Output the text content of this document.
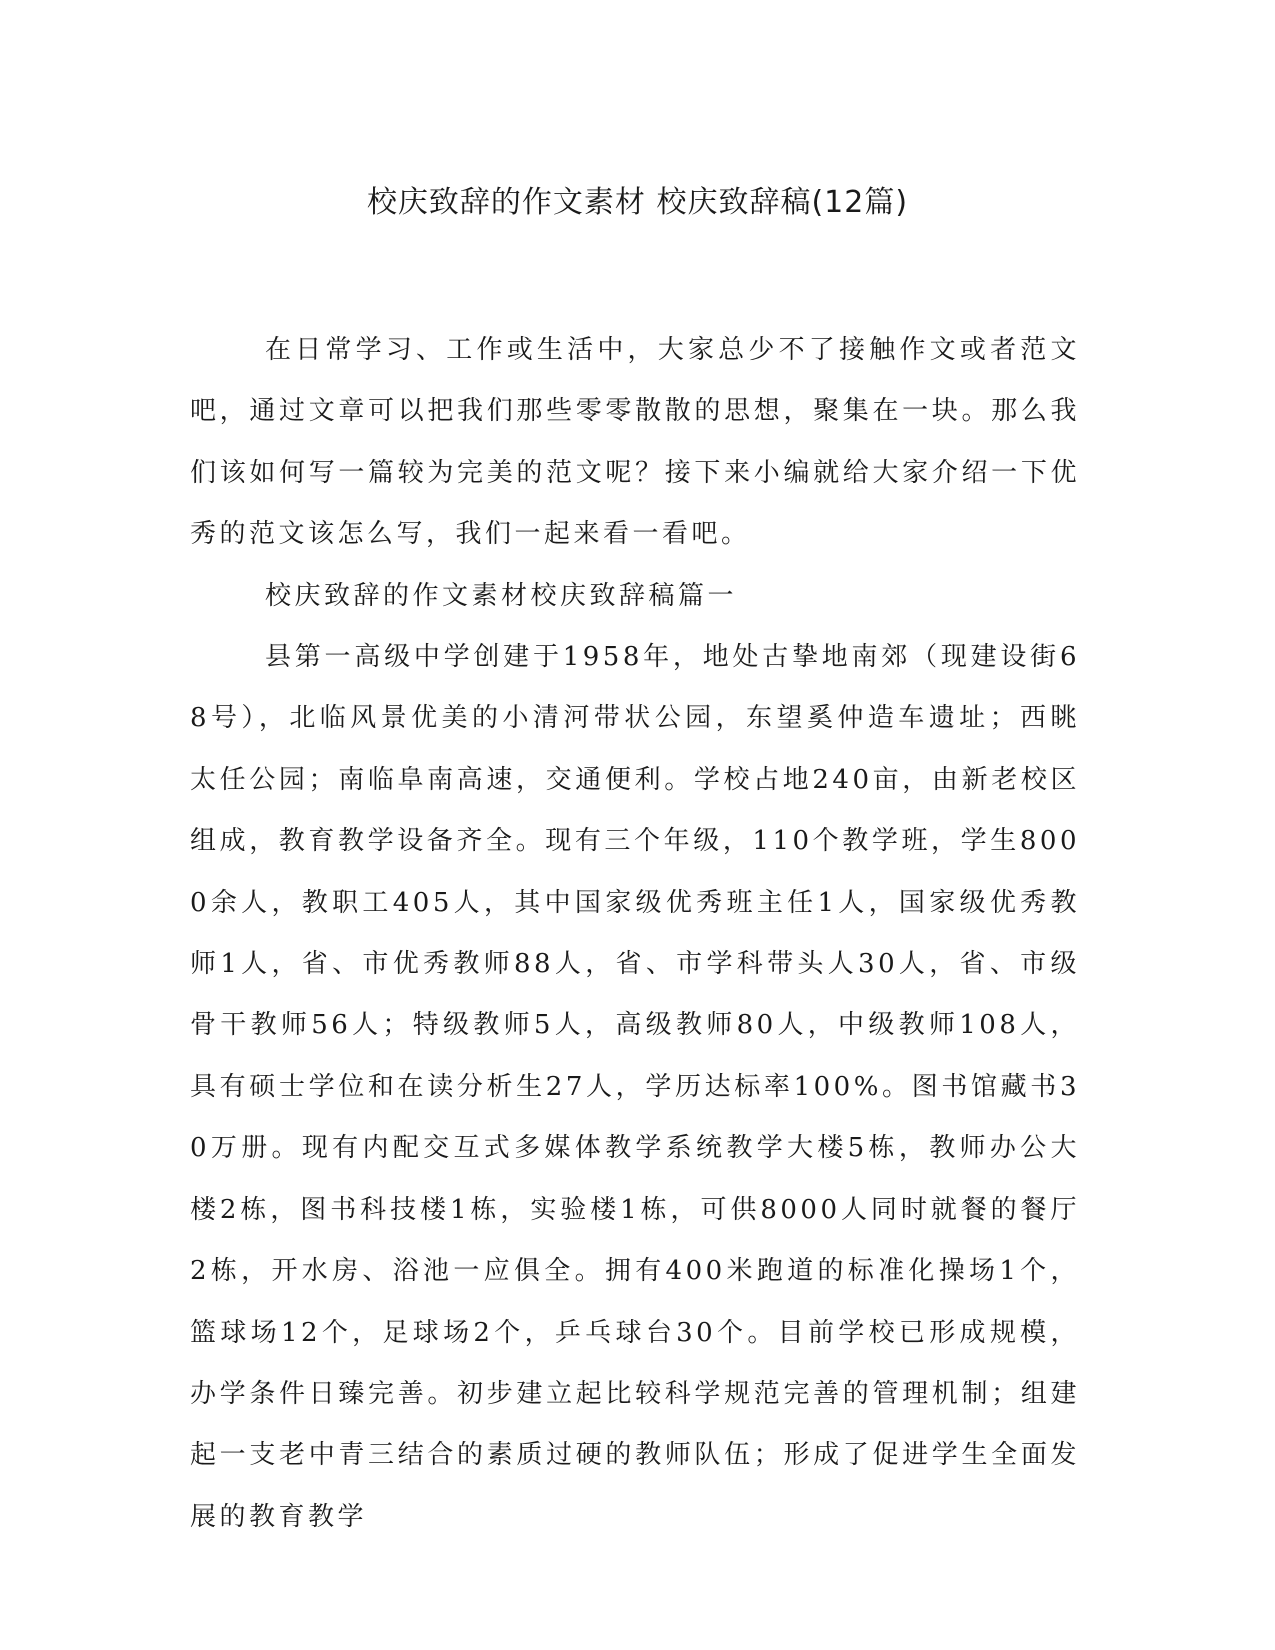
校庆致辞的作文素材 校庆致辞稿(12篇)

在日常学习、工作或生活中，大家总少不了接触作文或者范文吧，通过文章可以把我们那些零零散散的思想，聚集在一块。那么我们该如何写一篇较为完美的范文呢？接下来小编就给大家介绍一下优秀的范文该怎么写，我们一起来看一看吧。

校庆致辞的作文素材校庆致辞稿篇一

县第一高级中学创建于1958年，地处古挚地南郊（现建设街68号），北临风景优美的小清河带状公园，东望奚仲造车遗址；西眺太任公园；南临阜南高速，交通便利。学校占地240亩，由新老校区组成，教育教学设备齐全。现有三个年级，110个教学班，学生8000余人，教职工405人，其中国家级优秀班主任1人，国家级优秀教师1人，省、市优秀教师88人，省、市学科带头人30人，省、市级骨干教师56人；特级教师5人，高级教师80人，中级教师108人，具有硕士学位和在读分析生27人，学历达标率100%。图书馆藏书30万册。现有内配交互式多媒体教学系统教学大楼5栋，教师办公大楼2栋，图书科技楼1栋，实验楼1栋，可供8000人同时就餐的餐厅2栋，开水房、浴池一应俱全。拥有400米跑道的标准化操场1个，篮球场12个，足球场2个，乒乓球台30个。目前学校已形成规模，办学条件日臻完善。初步建立起比较科学规范完善的管理机制；组建起一支老中青三结合的素质过硬的教师队伍；形成了促进学生全面发展的教育教学
